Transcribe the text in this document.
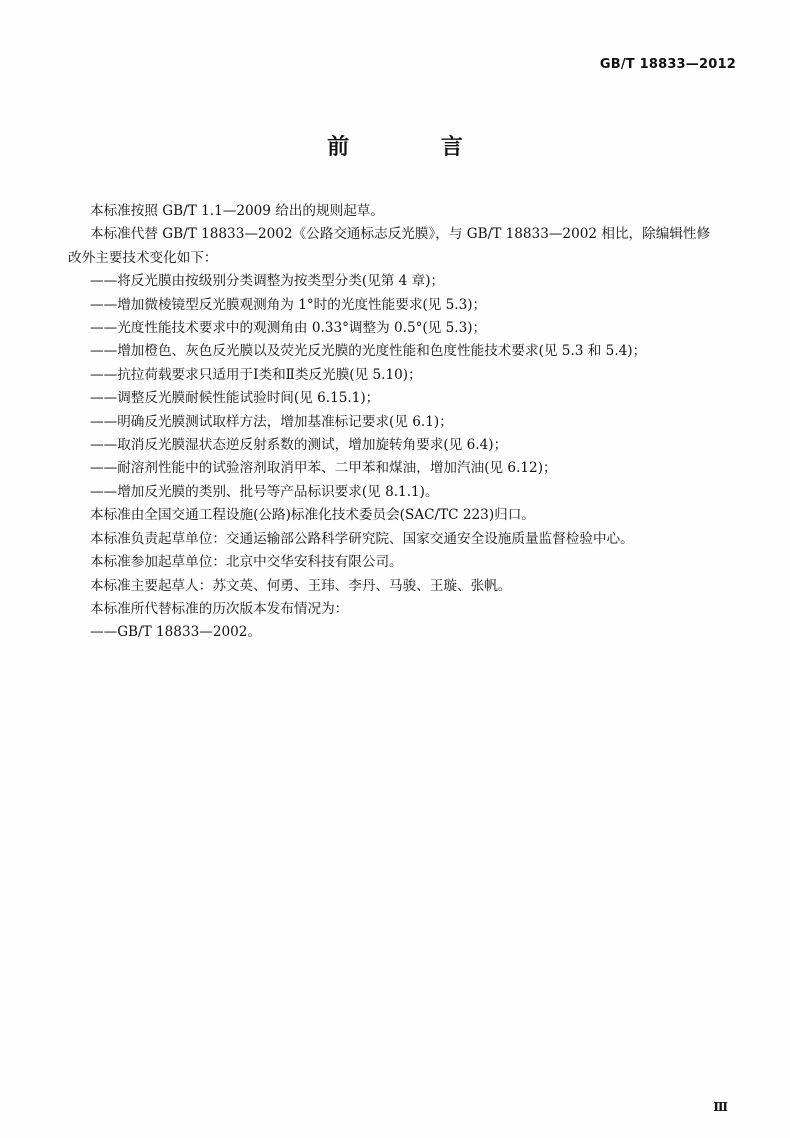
GB/T 18833—2012
前 言

本标准按照 GB/T 1.1—2009 给出的规则起草。

本标准代替 GB/T 18833—2002《公路交通标志反光膜》，与 GB/T 18833—2002 相比，除编辑性修

改外主要技术变化如下：

——将反光膜由按级别分类调整为按类型分类(见第 4 章)；

——增加微棱镜型反光膜观测角为 1°时的光度性能要求(见 5.3)；

——光度性能技术要求中的观测角由 0.33°调整为 0.5°(见 5.3)；

——增加橙色、灰色反光膜以及荧光反光膜的光度性能和色度性能技术要求(见 5.3 和 5.4)；

——抗拉荷载要求只适用于Ⅰ类和Ⅱ类反光膜(见 5.10)；

——调整反光膜耐候性能试验时间(见 6.15.1)；

——明确反光膜测试取样方法，增加基准标记要求(见 6.1)；

——取消反光膜湿状态逆反射系数的测试，增加旋转角要求(见 6.4)；

——耐溶剂性能中的试验溶剂取消甲苯、二甲苯和煤油，增加汽油(见 6.12)；

——增加反光膜的类别、批号等产品标识要求(见 8.1.1)。

本标准由全国交通工程设施(公路)标准化技术委员会(SAC/TC 223)归口。

本标准负责起草单位：交通运输部公路科学研究院、国家交通安全设施质量监督检验中心。

本标准参加起草单位：北京中交华安科技有限公司。

本标准主要起草人：苏文英、何勇、王玮、李丹、马骏、王璇、张帆。

本标准所代替标准的历次版本发布情况为：

——GB/T 18833—2002。

Ⅲ
